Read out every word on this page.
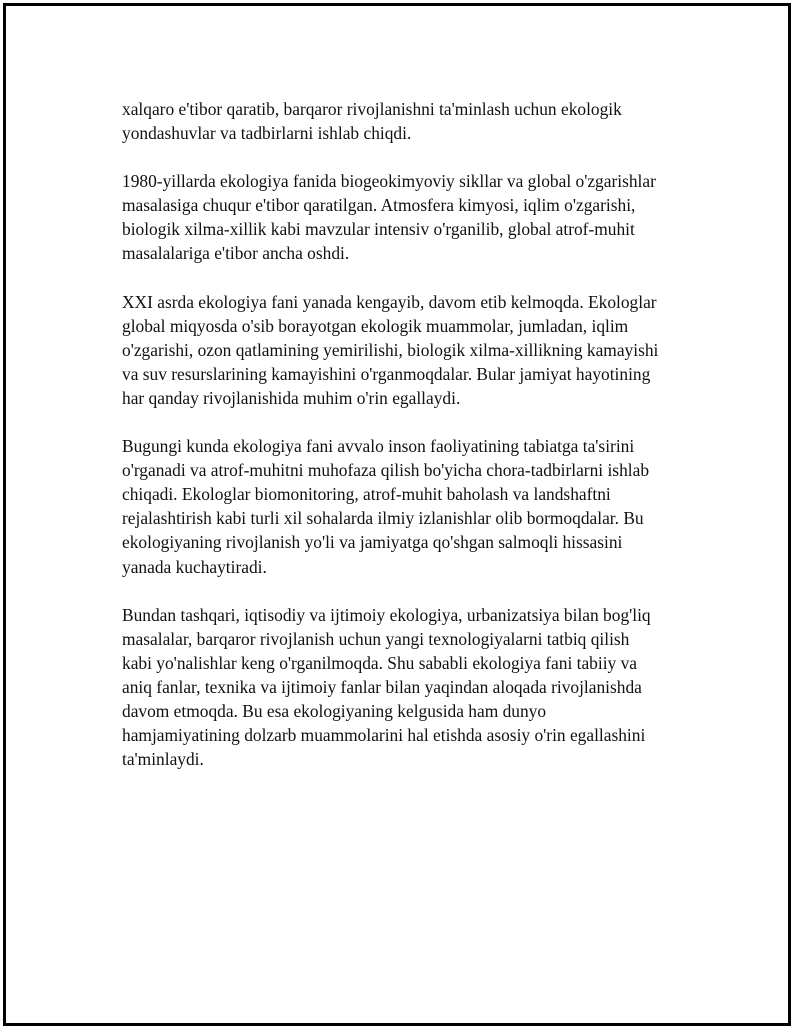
xalqaro e'tibor qaratib, barqaror rivojlanishni ta'minlash uchun ekologik
yondashuvlar va tadbirlarni ishlab chiqdi.

1980-yillarda ekologiya fanida biogeokimyoviy sikllar va global o'zgarishlar
masalasiga chuqur e'tibor qaratilgan. Atmosfera kimyosi, iqlim o'zgarishi,
biologik xilma-xillik kabi mavzular intensiv o'rganilib, global atrof-muhit
masalalariga e'tibor ancha oshdi.

XXI asrda ekologiya fani yanada kengayib, davom etib kelmoqda. Ekologlar
global miqyosda o'sib borayotgan ekologik muammolar, jumladan, iqlim
o'zgarishi, ozon qatlamining yemirilishi, biologik xilma-xillikning kamayishi
va suv resurslarining kamayishini o'rganmoqdalar. Bular jamiyat hayotining
har qanday rivojlanishida muhim o'rin egallaydi.

Bugungi kunda ekologiya fani avvalo inson faoliyatining tabiatga ta'sirini
o'rganadi va atrof-muhitni muhofaza qilish bo'yicha chora-tadbirlarni ishlab
chiqadi. Ekologlar biomonitoring, atrof-muhit baholash va landshaftni
rejalashtirish kabi turli xil sohalarda ilmiy izlanishlar olib bormoqdalar. Bu
ekologiyaning rivojlanish yo'li va jamiyatga qo'shgan salmoqli hissasini
yanada kuchaytiradi.

Bundan tashqari, iqtisodiy va ijtimoiy ekologiya, urbanizatsiya bilan bog'liq
masalalar, barqaror rivojlanish uchun yangi texnologiyalarni tatbiq qilish
kabi yo'nalishlar keng o'rganilmoqda. Shu sababli ekologiya fani tabiiy va
aniq fanlar, texnika va ijtimoiy fanlar bilan yaqindan aloqada rivojlanishda
davom etmoqda. Bu esa ekologiyaning kelgusida ham dunyo
hamjamiyatining dolzarb muammolarini hal etishda asosiy o'rin egallashini
ta'minlaydi.
